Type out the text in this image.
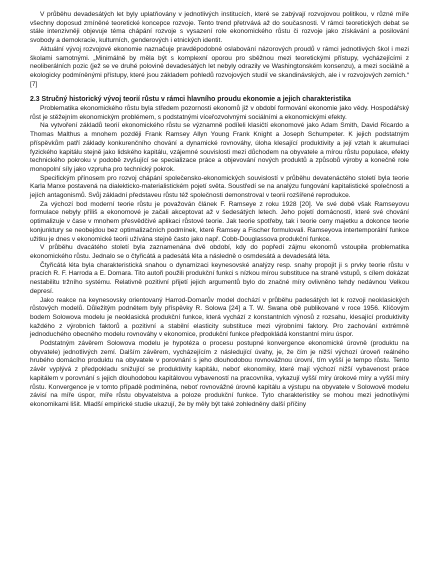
V průběhu devadesátých let byly uplatňovány v jednotlivých institucích, které se zabývají rozvojovou politikou, v různé míře všechny doposud zmíněné teoretické koncepce rozvoje. Tento trend přetrvává až do současnosti. V rámci teoretických debat se stále intenzivněji objevuje téma chápání rozvoje s vysazení role ekonomického růstu či rozvoje jako získávání a posilování svobody a demokracie, kulturních, genderových i etnických identit.

Aktuální vývoj rozvojové ekonomie naznačuje pravděpodobné oslabování názorových proudů v rámci jednotlivých škol i mezi školami samotnými. „Minimálně by měla být s komplexní oporou pro sběžnou mezi teoretickými přístupy, vycházejícími z neoliberálních pozic (jež se ve druhé polovině devadesátých let nebyly odrazily ve Washingtonském konsenzu), a mezi sociálně a ekologicky podmíněnými přístupy, které jsou základem pohledů rozvojových studií ve skandinávských, ale i v rozvojových zemích.“ [7]

2.3 Stručný historický vývoj teorií růstu v rámci hlavního proudu ekonomie a jejich charakteristika

Problematika ekonomického růstu byla středem pozornosti ekonomů již v období formování ekonomie jako vědy. Hospodářský růst je stěžejním ekonomickým problémem, s podstatnými víceřozvolvnými sociálními a ekonomickými efekty.

Na vytvoření základů teorií ekonomického růstu se významně podíleli klasičtí ekonomové jako Adam Smith, David Ricardo a Thomas Malthus a mnohem později Frank Ramsey Allyn Young Frank Knight a Joseph Schumpeter. K jejich podstatným příspěvkům patří základy konkurenčního chování a dynamické rovnováhy, úloha klesající produktivity a její vztah k akumulaci fyzického kapitálu stejně jako lidského kapitálu, vzájemné souvislosti mezi důchodem na obyvatele a mírou růstu populace, efekty technického pokroku v podobě zvyšující se specializace práce a objevování nových produktů a způsobů výroby a konečně role monopolní síly jako vzpruha pro technický pokrok.

Specifickým přínosem pro rozvoj chápání společensko-ekonomických souvislostí v průběhu devatenáctého století byla teorie Karla Marxe postavená na dialekticko-materialistickém pojetí světa. Soustředí se na analýzu fungování kapitalistické společnosti a jejích antagonismů. Svůj základní představeu růstu též společnosti demonstroval v teorii rozšířené reprodukce.

Za výchozí bod moderní teorie růstu je považován článek F. Ramseye z roku 1928 [20]. Ve své době však Ramseyovu formulace nebyly příliš a ekonomové je začali akceptovat až v šedesátých letech. Jeho pojetí domácností, které své chování optimalizuje v čase v mnohem přesvědčivé aplikaci růstové teorie. Jak teorie spotřeby, tak i teorie ceny majetku a dokonce teorie konjunktury se neobejdou bez optimalizačních podmínek, které Ramsey a Fischer formulovali. Ramseyova intertemporální funkce užitku je dnes v ekonomické teorii užívána stejně často jako např. Cobb-Douglassova produkční funkce.

V průběhu dvacátého století byla zaznamenána dvě období, kdy do popředí zájmu ekonomů vstoupila problematika ekonomického růstu. Jednalo se o čtyřicátá a padesátá léta a následně o osmdesátá a devadesátá léta.

Čtyřicátá léta byla charakteristická snahou o dynamizaci keynesovské analýzy resp. snahy propojit ji s prvky teorie růstu v pracích R. F. Harroda a E. Domara. Tito autoři použili produkční funkci s nízkou mírou substituce na straně vstupů, s cílem dokázat nestabilitu tržního systému. Relativně pozitivní přijetí jejich argumentů bylo do značné míry ovlivněno tehdy nedávnou Velkou depresí.

Jako reakce na keynesovsky orientovaný Harrod-Domarův model dochází v průběhu padesátých let k rozvoji neoklasických růstových modelů. Důležitým podnětem byly příspěvky R. Solowa [24] a T. W. Swana obě publikované v roce 1956. Klíčovým bodem Solowova modelu je neoklasická produkční funkce, která vychází z konstantních výnosů z rozsahu, klesající produktivity každého z výrobních faktorů a pozitivní a stabilní elasticity substituce mezi výrobními faktory. Pro zachování extrémně jednoduchého obecného modelu rovnováhy v ekonomice, produkční funkce předpokládá konstantní míru úspor.

Podstatným závěrem Solowova modelu je hypotéza o procesu postupné konvergence ekonomické úrovně (produktu na obyvatele) jednotlivých zemí. Dalším závěrem, vycházejícím z následující úvahy, je, že čím je nižší výchozí úroveň reálného hrubého domácího produktu na obyvatele v porovnání s jeho dlouhodobou rovnovážnou úrovní, tím vyšší je tempo růstu. Tento závěr vyplývá z předpokladu snižující se produktivity kapitálu, neboť ekonomiky, které mají výchozí nižší vybavenost práce kapitálem v porovnání s jejich dlouhodobou kapitálovou vybaveností na pracovníka, vykazují vyšší míry úrokové míry a vyšší míry růstu. Konvergence je v tomto případě podmíněna, neboť rovnovážné úrovně kapitálu a výstupu na obyvatele v Solowově modelu závisí na míře úspor, míře růstu obyvatelstva a poloze produkční funkce. Tyto charakteristiky se mohou mezi jednotlivými ekonomikami lišit. Mladší empirické studie ukazují, že by měly být také zohledněny další příčiny
